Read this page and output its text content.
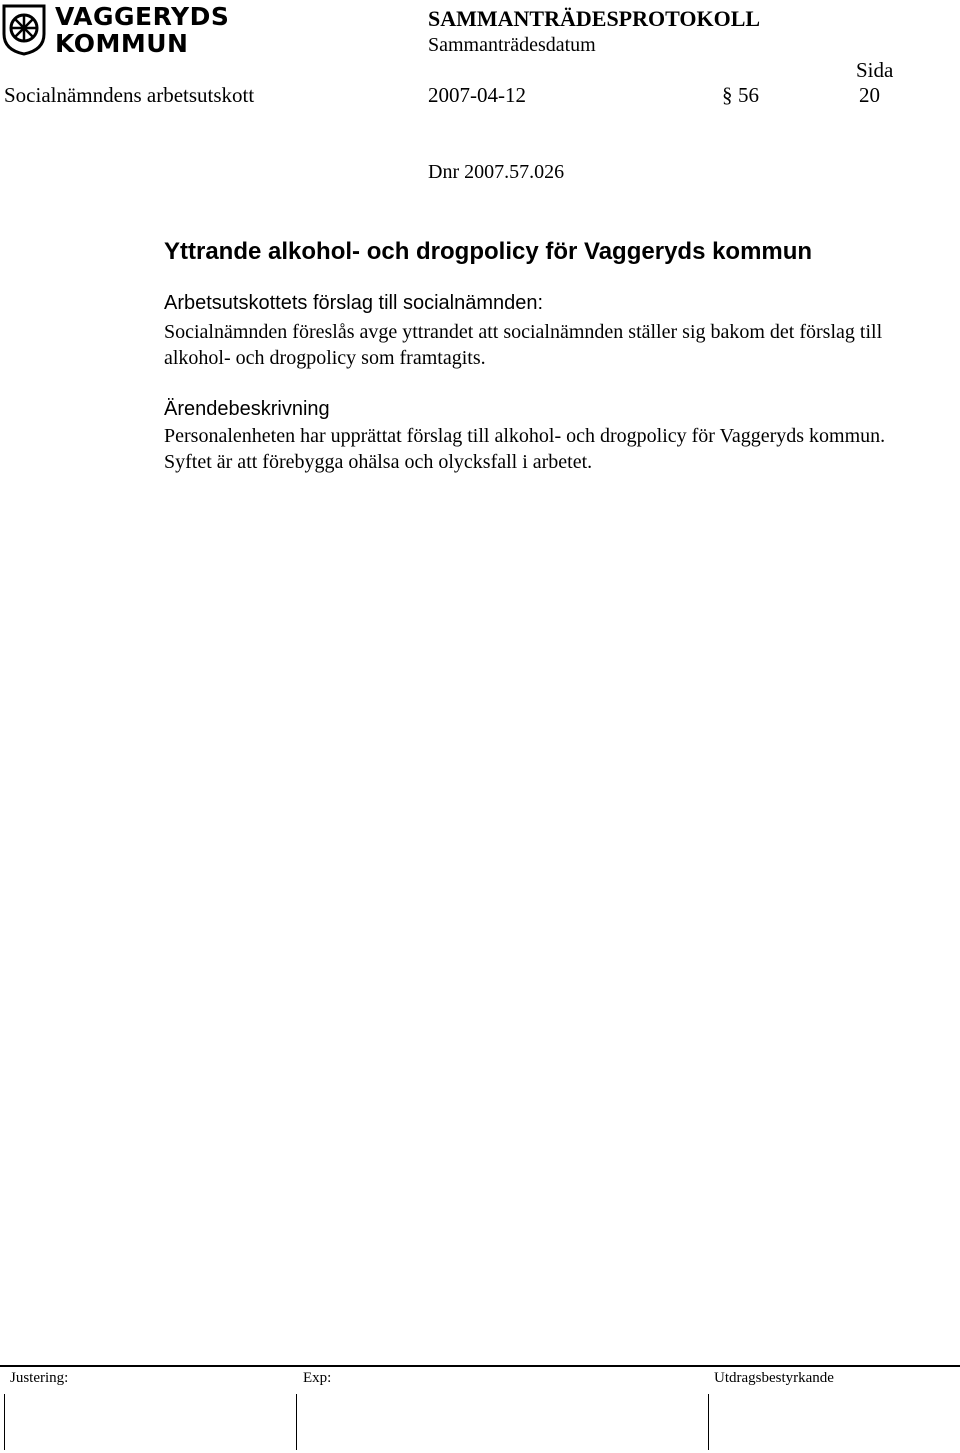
VAGGERYDS
KOMMUN
SAMMANTRÄDESPROTOKOLL
Sammanträdesdatum
Sida
Socialnämndens arbetsutskott	2007-04-12	§ 56	20
Dnr 2007.57.026
Yttrande alkohol- och drogpolicy för Vaggeryds kommun
Arbetsutskottets förslag till socialnämnden:
Socialnämnden föreslås avge yttrandet att socialnämnden ställer sig bakom det förslag till alkohol- och drogpolicy som framtagits.
Ärendebeskrivning
Personalenheten har upprättat förslag till alkohol- och drogpolicy för Vaggeryds kommun. Syftet är att förebygga ohälsa och olycksfall i arbetet.
Justering:	Exp:	Utdragsbestyrkande
